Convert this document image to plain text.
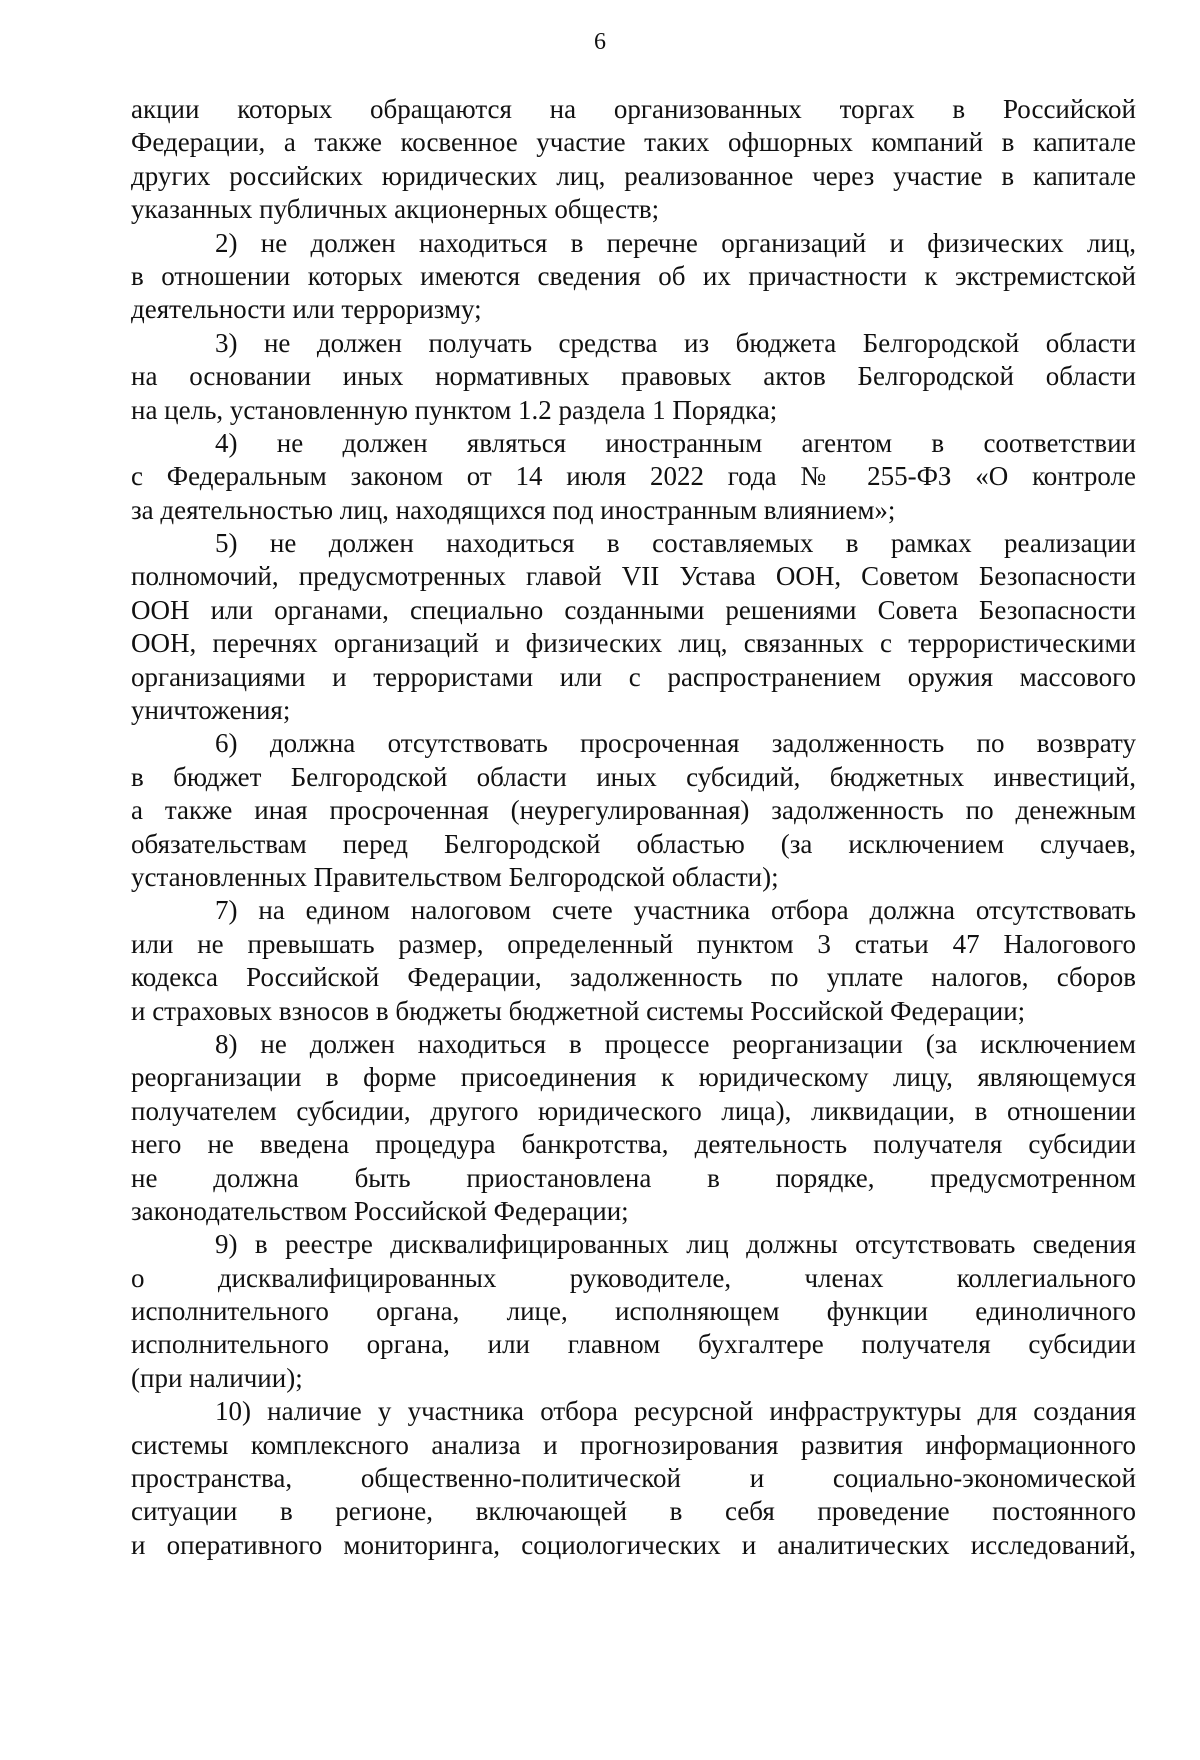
6
акции которых обращаются на организованных торгах в Российской
Федерации, а также косвенное участие таких офшорных компаний в капитале
других российских юридических лиц, реализованное через участие в капитале
указанных публичных акционерных обществ;
2) не должен находиться в перечне организаций и физических лиц,
в отношении которых имеются сведения об их причастности к экстремистской
деятельности или терроризму;
3) не должен получать средства из бюджета Белгородской области
на основании иных нормативных правовых актов Белгородской области
на цель, установленную пунктом 1.2 раздела 1 Порядка;
4) не должен являться иностранным агентом в соответствии
с Федеральным законом от 14 июля 2022 года № 255-ФЗ «О контроле
за деятельностью лиц, находящихся под иностранным влиянием»;
5) не должен находиться в составляемых в рамках реализации
полномочий, предусмотренных главой VII Устава ООН, Советом Безопасности
ООН или органами, специально созданными решениями Совета Безопасности
ООН, перечнях организаций и физических лиц, связанных с террористическими
организациями и террористами или с распространением оружия массового
уничтожения;
6) должна отсутствовать просроченная задолженность по возврату
в бюджет Белгородской области иных субсидий, бюджетных инвестиций,
а также иная просроченная (неурегулированная) задолженность по денежным
обязательствам перед Белгородской областью (за исключением случаев,
установленных Правительством Белгородской области);
7) на едином налоговом счете участника отбора должна отсутствовать
или не превышать размер, определенный пунктом 3 статьи 47 Налогового
кодекса Российской Федерации, задолженность по уплате налогов, сборов
и страховых взносов в бюджеты бюджетной системы Российской Федерации;
8) не должен находиться в процессе реорганизации (за исключением
реорганизации в форме присоединения к юридическому лицу, являющемуся
получателем субсидии, другого юридического лица), ликвидации, в отношении
него не введена процедура банкротства, деятельность получателя субсидии
не должна быть приостановлена в порядке, предусмотренном
законодательством Российской Федерации;
9) в реестре дисквалифицированных лиц должны отсутствовать сведения
о дисквалифицированных руководителе, членах коллегиального
исполнительного органа, лице, исполняющем функции единоличного
исполнительного органа, или главном бухгалтере получателя субсидии
(при наличии);
10) наличие у участника отбора ресурсной инфраструктуры для создания
системы комплексного анализа и прогнозирования развития информационного
пространства, общественно-политической и социально-экономической
ситуации в регионе, включающей в себя проведение постоянного
и оперативного мониторинга, социологических и аналитических исследований,
